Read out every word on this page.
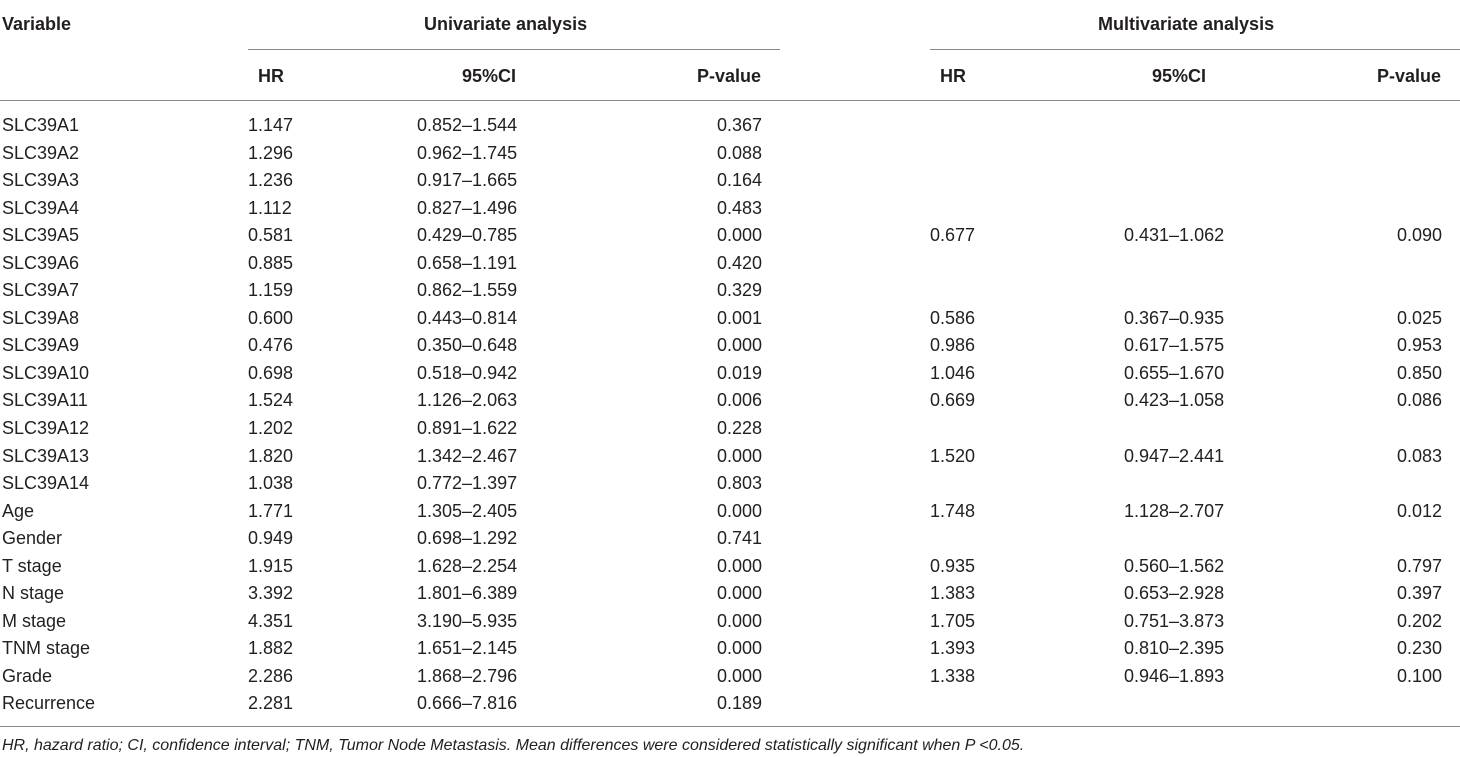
Variable	Univariate analysis	Multivariate analysis
HR	95%CI	P-value	HR	95%CI	P-value
SLC39A1	1.147	0.852–1.544	0.367
SLC39A2	1.296	0.962–1.745	0.088
SLC39A3	1.236	0.917–1.665	0.164
SLC39A4	1.112	0.827–1.496	0.483
SLC39A5	0.581	0.429–0.785	0.000	0.677	0.431–1.062	0.090
SLC39A6	0.885	0.658–1.191	0.420
SLC39A7	1.159	0.862–1.559	0.329
SLC39A8	0.600	0.443–0.814	0.001	0.586	0.367–0.935	0.025
SLC39A9	0.476	0.350–0.648	0.000	0.986	0.617–1.575	0.953
SLC39A10	0.698	0.518–0.942	0.019	1.046	0.655–1.670	0.850
SLC39A11	1.524	1.126–2.063	0.006	0.669	0.423–1.058	0.086
SLC39A12	1.202	0.891–1.622	0.228
SLC39A13	1.820	1.342–2.467	0.000	1.520	0.947–2.441	0.083
SLC39A14	1.038	0.772–1.397	0.803
Age	1.771	1.305–2.405	0.000	1.748	1.128–2.707	0.012
Gender	0.949	0.698–1.292	0.741
T stage	1.915	1.628–2.254	0.000	0.935	0.560–1.562	0.797
N stage	3.392	1.801–6.389	0.000	1.383	0.653–2.928	0.397
M stage	4.351	3.190–5.935	0.000	1.705	0.751–3.873	0.202
TNM stage	1.882	1.651–2.145	0.000	1.393	0.810–2.395	0.230
Grade	2.286	1.868–2.796	0.000	1.338	0.946–1.893	0.100
Recurrence	2.281	0.666–7.816	0.189
HR, hazard ratio; CI, confidence interval; TNM, Tumor Node Metastasis. Mean differences were considered statistically significant when P <0.05.
